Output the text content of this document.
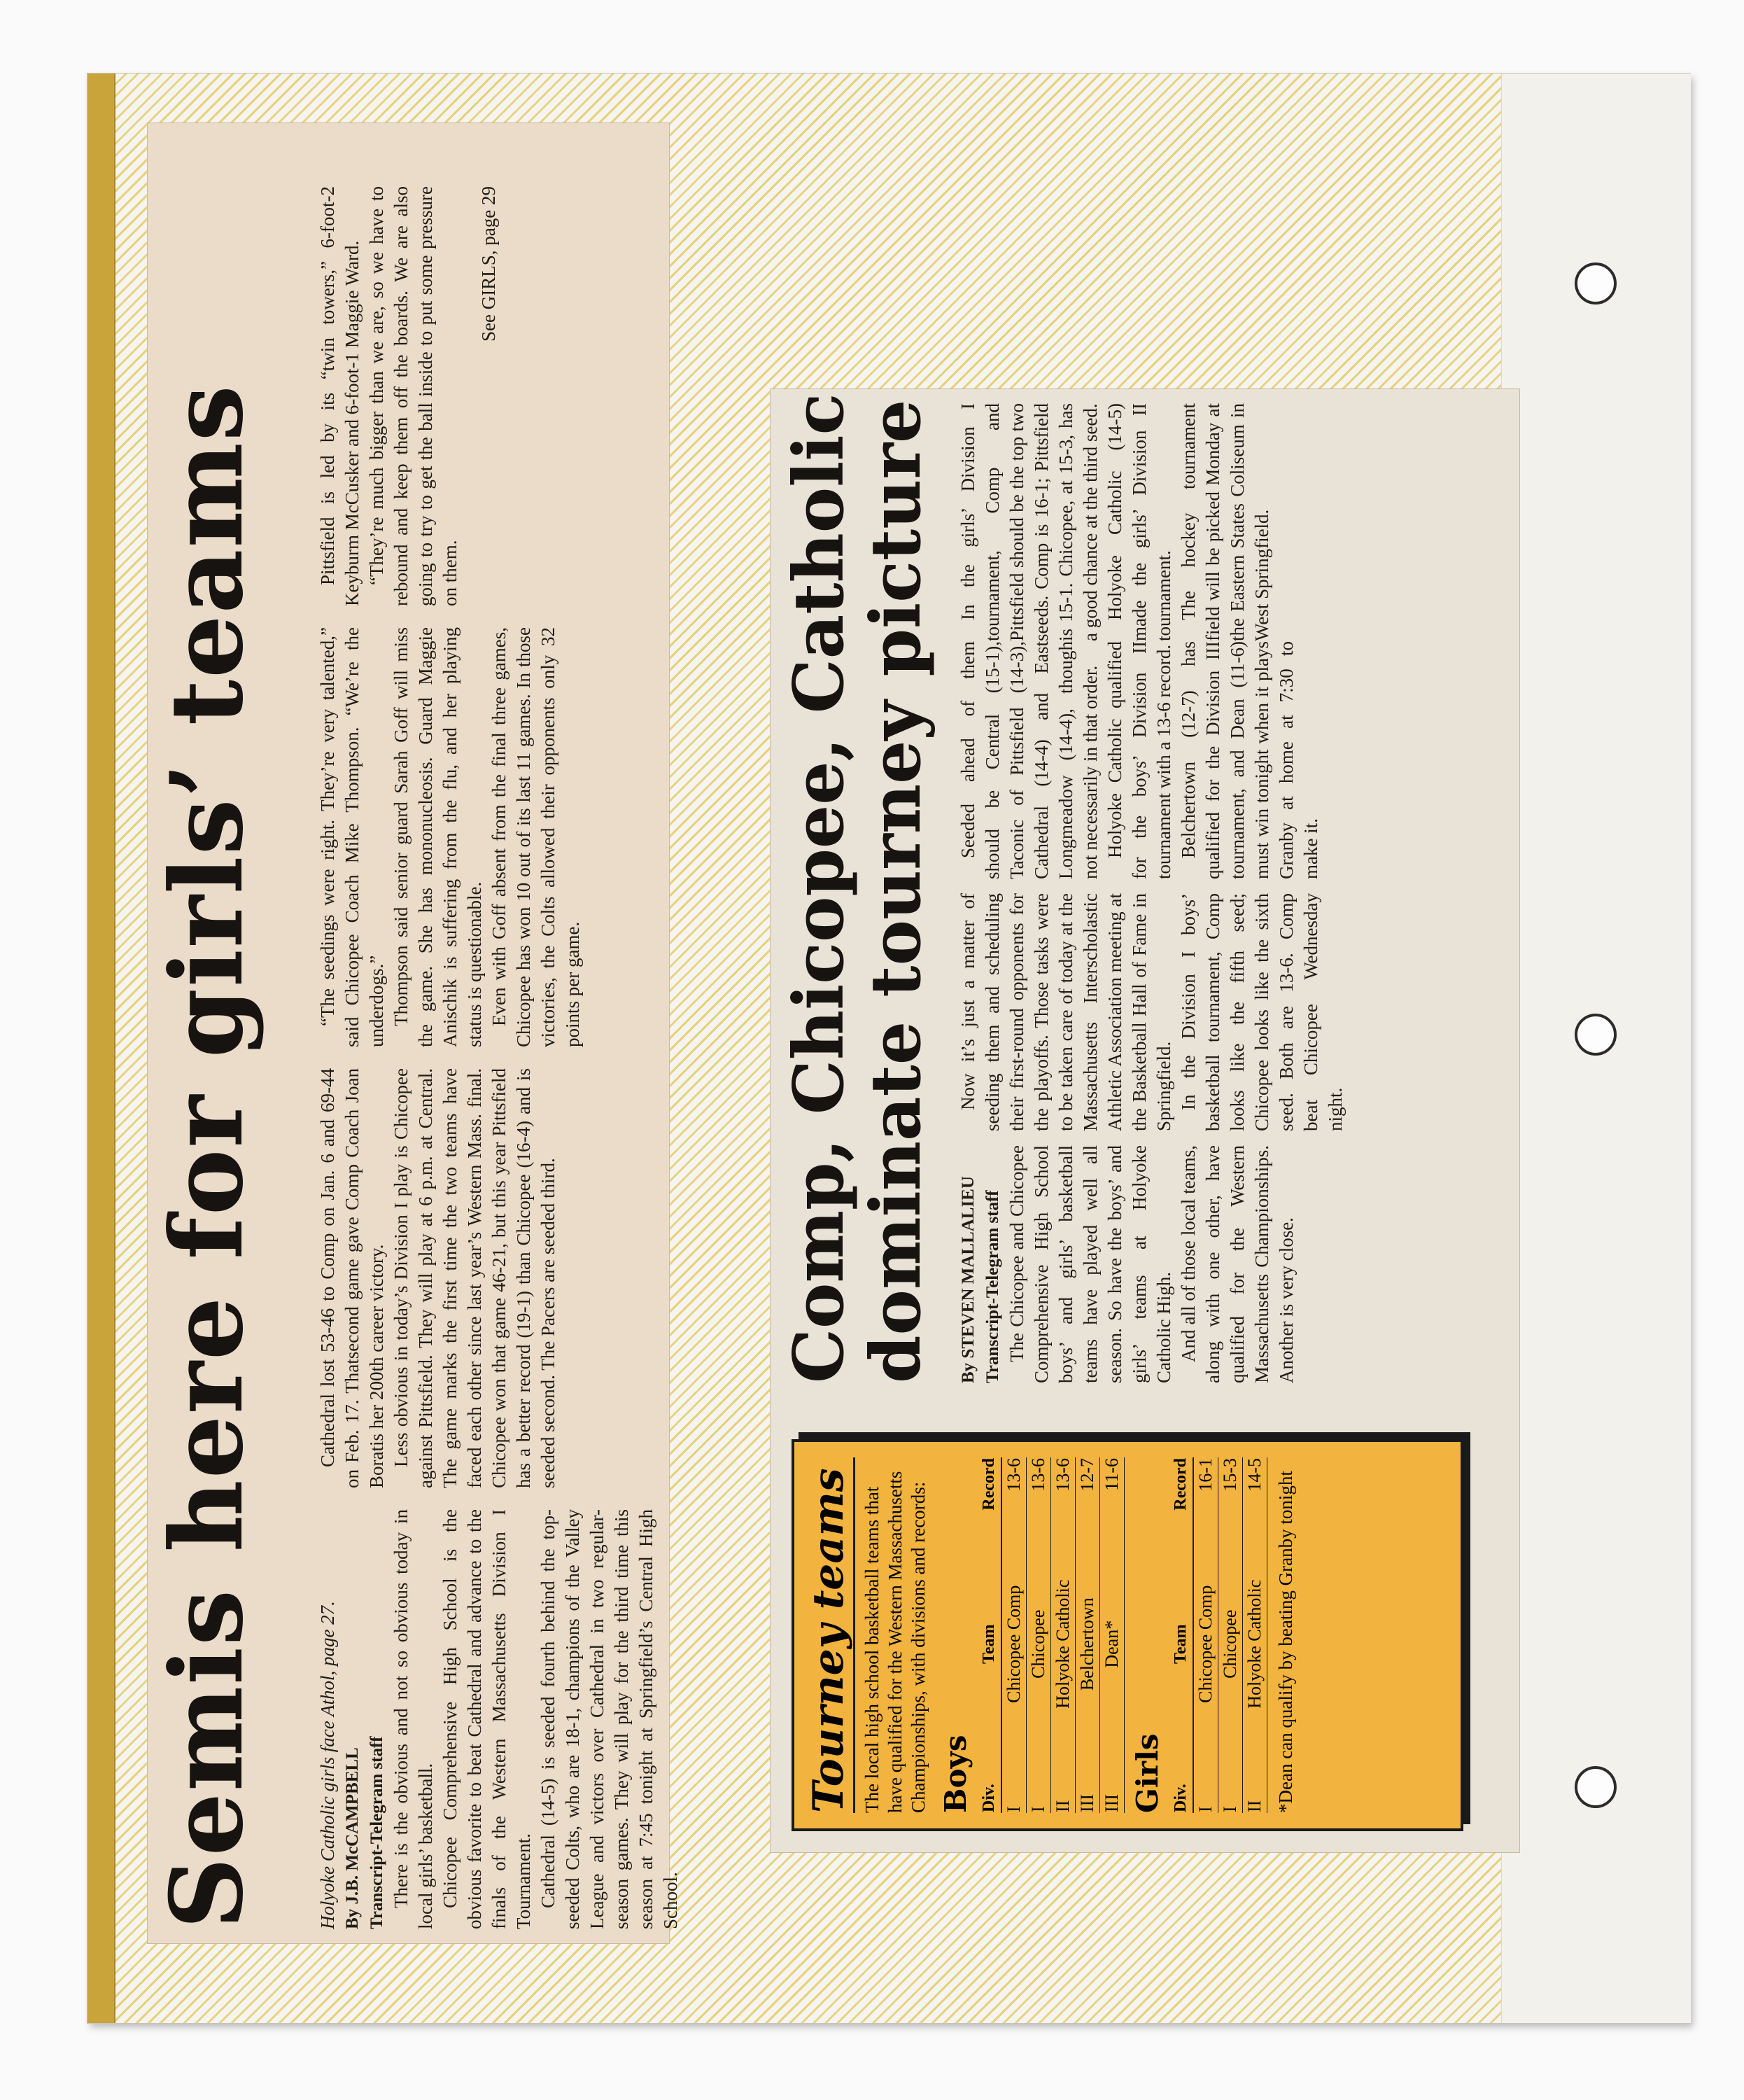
Semis here for girls’ teams	Holyoke Catholic girls face Athol, page 27. By J.B. McCAMPBELL Transcript-Telegram staff There is the obvious and not so obvious today in local girls’ basketball. Chicopee Comprehensive High School is the obvious favorite to beat Cathedral and advance to the finals of the Western Massachusetts Division I Tournament. Cathedral (14-5) is seeded fourth behind the top-seeded Colts, who are 18-1, champions of the Valley League and victors over Cathedral in two regular-season games. They will play for the third time this season at 7:45 tonight at Springfield’s Central High School.

Cathedral lost 53-46 to Comp on Jan. 6 and 69-44 on Feb. 17. Thatsecond game gave Comp Coach Joan Boratis her 200th career victory. Less obvious in today’s Division I play is Chicopee against Pittsfield. They will play at 6 p.m. at Central. The game marks the first time the two teams have faced each other since last year’s Western Mass. final. Chicopee won that game 46-21, but this year Pittsfield has a better record (19-1) than Chicopee (16-4) and is seeded second. The Pacers are seeded third.

“The seedings were right. They’re very talented,” said Chicopee Coach Mike Thompson. “We’re the underdogs.” Thompson said senior guard Sarah Goff will miss the game. She has mononucleosis. Guard Maggie Anischik is suffering from the flu, and her playing status is questionable. Even with Goff absent from the final three games, Chicopee has won 10 out of its last 11 games. In those victories, the Colts allowed their opponents only 32 points per game.

Pittsfield is led by its “twin towers,” 6-foot-2 Keyburm McCusker and 6-foot-1 Maggie Ward. “They’re much bigger than we are, so we have to rebound and keep them off the boards. We are also going to try to get the ball inside to put some pressure on them.

See GIRLS, page 29

Comp, Chicopee, Catholic
dominate tourney picture By STEVEN MALLALIEU Transcript-Telegram staff The Chicopee and Chicopee Comprehensive High School boys’ and girls’ basketball teams have played well all season. So have the boys’ and girls’ teams at Holyoke Catholic High. And all of those local teams, along with one other, have qualified for the Western Massachusetts Championships. Another is very close.

Now it’s just a matter of seeding them and scheduling their first-round opponents for the playoffs. Those tasks were to be taken care of today at the Massachusetts Interscholastic Athletic Association meeting at the Basketball Hall of Fame in Springfield. In the Division I boys’ basketball tournament, Comp looks like the fifth seed; Chicopee looks like the sixth seed. Both are 13-6. Comp beat Chicopee Wednesday night.

Seeded ahead of them should be Central (15-1), Taconic of Pittsfield (14-3), Cathedral (14-4) and East Longmeadow (14-4), though not necessarily in that order. Holyoke Catholic qualified for the boys’ Division II tournament with a 13-6 record. Belchertown (12-7) has qualified for the Division III tournament, and Dean (11-6) must win tonight when it plays Granby at home at 7:30 to make it.

In the girls’ Division I tournament, Comp and Pittsfield should be the top two seeds. Comp is 16-1; Pittsfield is 15-1. Chicopee, at 15-3, has a good chance at the third seed. Holyoke Catholic (14-5) made the girls’ Division II tournament. The hockey tournament field will be picked Monday at the Eastern States Coliseum in West Springfield.

Tourney teams The local high school basketball teams that have qualified for the Western Massachusetts Championships, with divisions and records: Boys Div.	Team	Record
I	Chicopee Comp	13-6
I	Chicopee	13-6
II	Holyoke Catholic	13-6
III	Belchertown	12-7
III	Dean*	11-6
Girls Div.	Team	Record
I	Chicopee Comp	16-1
I	Chicopee	15-3
II	Holyoke Catholic	14-5 *Dean can qualify by beating Granby tonight
